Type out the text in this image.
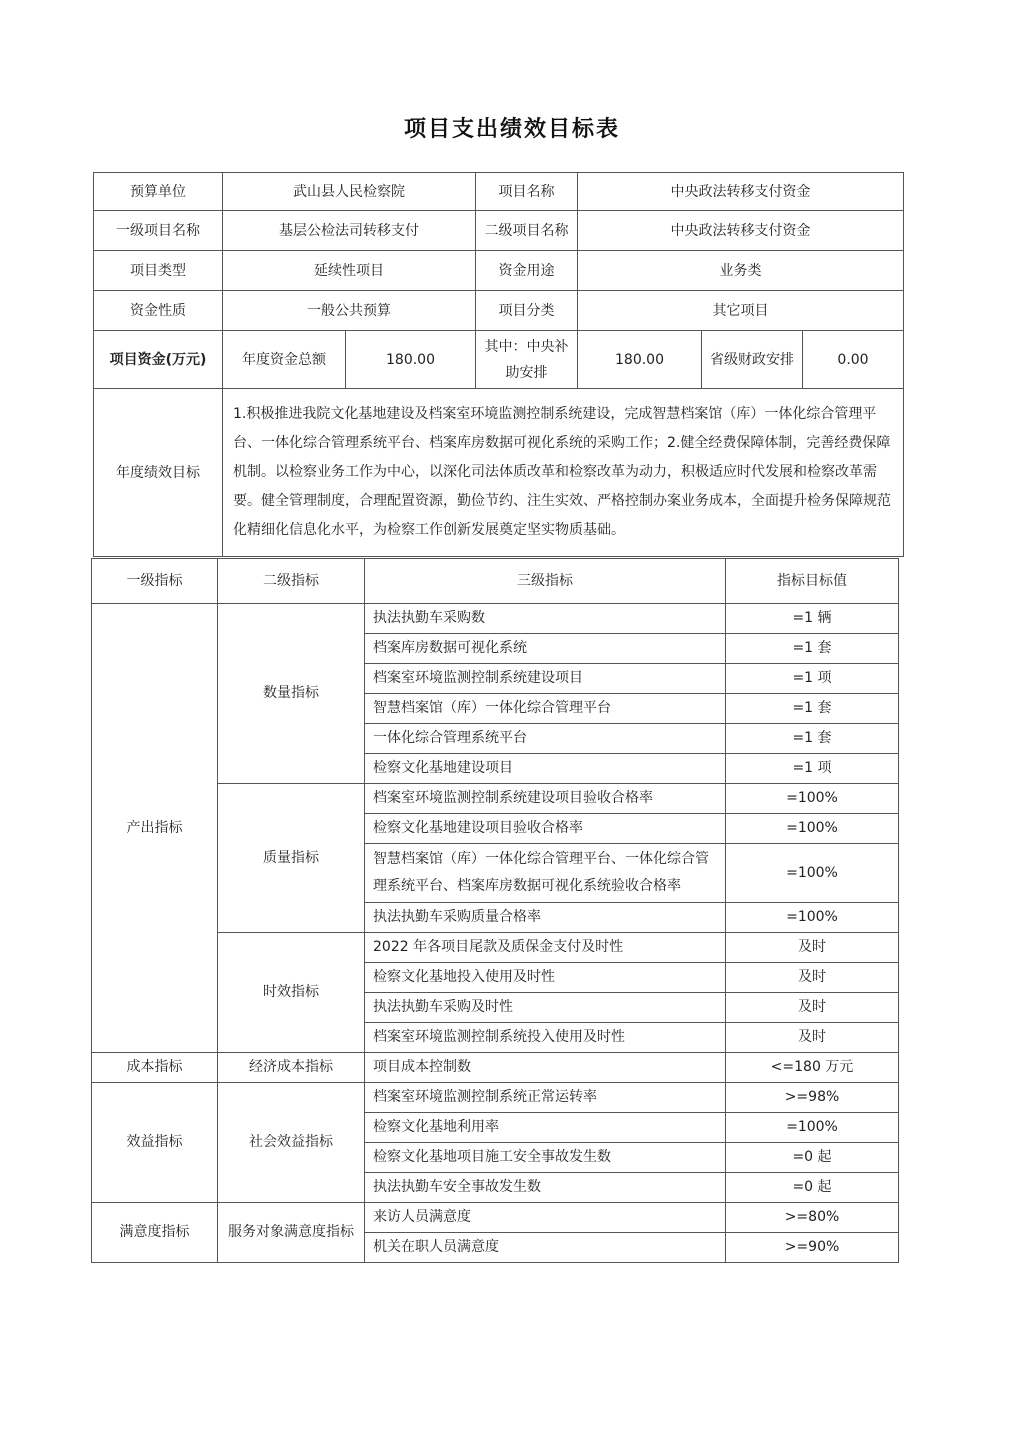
项目支出绩效目标表
预算单位	武山县人民检察院		项目名称	中央政法转移支付资金		
一级项目名称	基层公检法司转移支付		二级项目名称	中央政法转移支付资金		
项目类型	延续性项目		资金用途	业务类		
资金性质	一般公共预算		项目分类	其它项目		
项目资金(万元)	年度资金总额	180.00	其中：中央补助安排	180.00	省级财政安排	0.00
年度绩效目标	1.积极推进我院文化基地建设及档案室环境监测控制系统建设，完成智慧档案馆（库）一体化综合管理平台、一体化综合管理系统平台、档案库房数据可视化系统的采购工作；2.健全经费保障体制，完善经费保障机制。以检察业务工作为中心，以深化司法体质改革和检察改革为动力，积极适应时代发展和检察改革需要。健全管理制度，合理配置资源，勤俭节约、注生实效、严格控制办案业务成本，全面提升检务保障规范化精细化信息化水平，为检察工作创新发展奠定坚实物质基础。					
一级指标	二级指标	三级指标	指标目标值
产出指标	数量指标	执法执勤车采购数	=1 辆
		档案库房数据可视化系统	=1 套
		档案室环境监测控制系统建设项目	=1 项
		智慧档案馆（库）一体化综合管理平台	=1 套
		一体化综合管理系统平台	=1 套
		检察文化基地建设项目	=1 项
	质量指标	档案室环境监测控制系统建设项目验收合格率	=100%
		检察文化基地建设项目验收合格率	=100%
		智慧档案馆（库）一体化综合管理平台、一体化综合管理系统平台、档案库房数据可视化系统验收合格率	=100%
		执法执勤车采购质量合格率	=100%
	时效指标	2022 年各项目尾款及质保金支付及时性	及时
		检察文化基地投入使用及时性	及时
		执法执勤车采购及时性	及时
		档案室环境监测控制系统投入使用及时性	及时
成本指标	经济成本指标	项目成本控制数	<=180 万元
效益指标	社会效益指标	档案室环境监测控制系统正常运转率	>=98%
		检察文化基地利用率	=100%
		检察文化基地项目施工安全事故发生数	=0 起
		执法执勤车安全事故发生数	=0 起
满意度指标	服务对象满意度指标	来访人员满意度	>=80%
		机关在职人员满意度	>=90%
